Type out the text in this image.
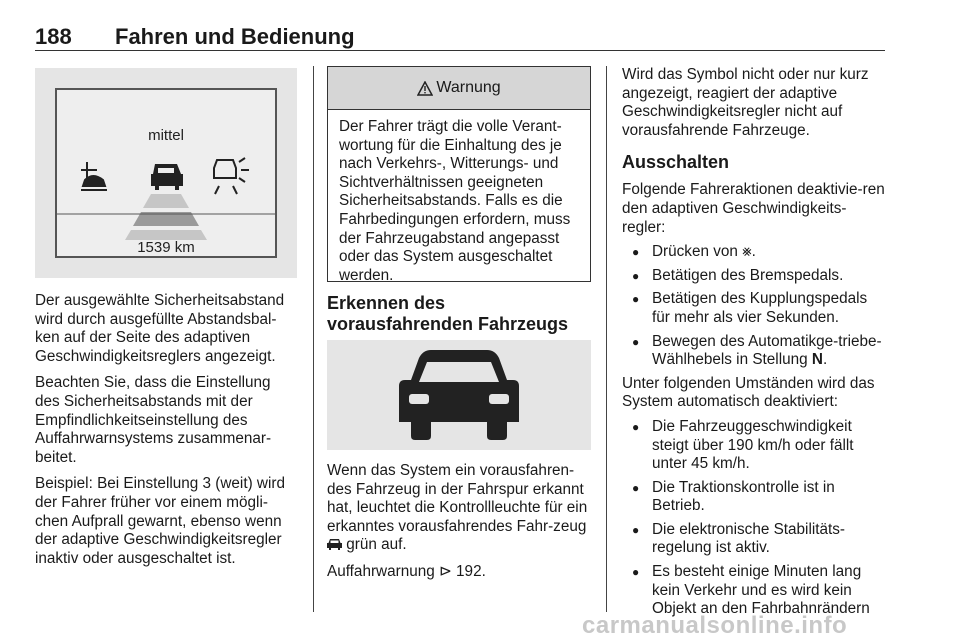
188 Fahren und Bedienung
mittel
1539 km

Der ausgewählte Sicherheitsabstand wird durch ausgefüllte Abstandsbal-ken auf der Seite des adaptiven Geschwindigkeitsreglers angezeigt.

Beachten Sie, dass die Einstellung des Sicherheitsabstands mit der Empfindlichkeitseinstellung des Auffahrwarnsystems zusammenar-beitet.

Beispiel: Bei Einstellung 3 (weit) wird der Fahrer früher vor einem mögli-chen Aufprall gewarnt, ebenso wenn der adaptive Geschwindigkeitsregler inaktiv oder ausgeschaltet ist.

Warnung
Der Fahrer trägt die volle Verant-wortung für die Einhaltung des je nach Verkehrs-, Witterungs- und Sichtverhältnissen geeigneten Sicherheitsabstands. Falls es die Fahrbedingungen erfordern, muss der Fahrzeugabstand angepasst oder das System ausgeschaltet werden.
Erkennen des vorausfahrenden Fahrzeugs

Wenn das System ein vorausfahren-des Fahrzeug in der Fahrspur erkannt hat, leuchtet die Kontrollleuchte für ein erkanntes vorausfahrendes Fahr-zeug  grün auf.

Auffahrwarnung ⊳ 192.

Wird das Symbol nicht oder nur kurz angezeigt, reagiert der adaptive Geschwindigkeitsregler nicht auf vorausfahrende Fahrzeuge.

Ausschalten

Folgende Fahreraktionen deaktivie-ren den adaptiven Geschwindigkeits-regler:

● Drücken von ⨳.
● Betätigen des Bremspedals.
● Betätigen des Kupplungspedals für mehr als vier Sekunden.
● Bewegen des Automatikge-triebe-Wählhebels in Stellung N.

Unter folgenden Umständen wird das System automatisch deaktiviert:

● Die Fahrzeuggeschwindigkeit steigt über 190 km/h oder fällt unter 45 km/h.
● Die Traktionskontrolle ist in Betrieb.
● Die elektronische Stabilitäts-regelung ist aktiv.
● Es besteht einige Minuten lang kein Verkehr und es wird kein Objekt an den Fahrbahnrändern
carmanualsonline.info
